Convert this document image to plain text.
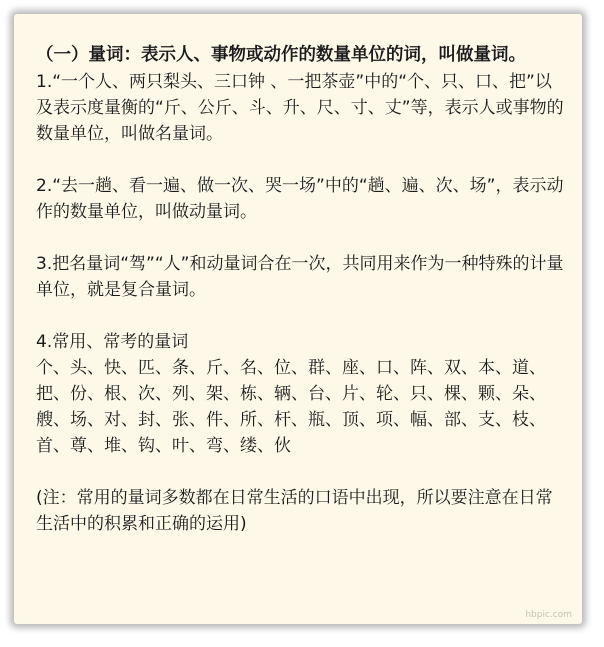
（一）量词：表示人、事物或动作的数量单位的词，叫做量词。

1.“一个人、两只梨头、三口钟 、一把茶壶”中的“个、只、口、把”以及表示度量衡的“斤、公斤、斗、升、尺、寸、丈”等，表示人或事物的数量单位，叫做名量词。

2.“去一趟、看一遍、做一次、哭一场”中的“趟、遍、次、场”，表示动作的数量单位，叫做动量词。

3.把名量词“驾”“人”和动量词合在一次，共同用来作为一种特殊的计量单位，就是复合量词。

4.常用、常考的量词

个、头、快、匹、条、斤、名、位、群、座、口、阵、双、本、道、把、份、根、次、列、架、栋、辆、台、片、轮、只、棵、颗、朵、艘、场、对、封、张、件、所、杆、瓶、顶、项、幅、部、支、枝、首、尊、堆、钩、叶、弯、缕、伙

(注：常用的量词多数都在日常生活的口语中出现，所以要注意在日常生活中的积累和正确的运用)

hbpic.com
